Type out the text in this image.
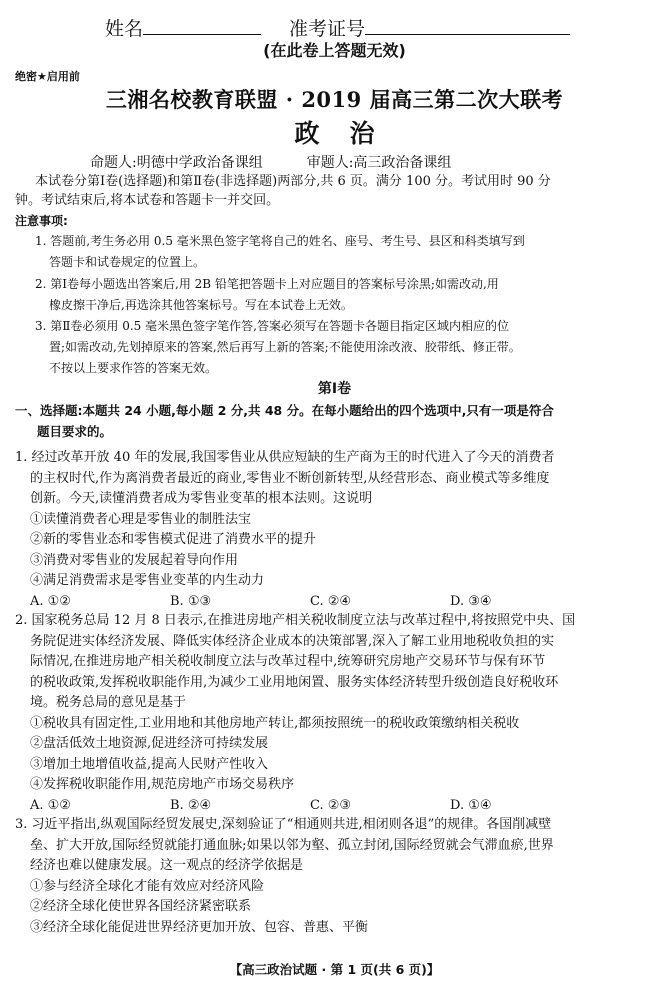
姓名	准考证号
(在此卷上答题无效)
绝密★启用前
三湘名校教育联盟 · 2019 届高三第二次大联考
政治
命题人:明德中学政治备课组	审题人:高三政治备课组
本试卷分第Ⅰ卷(选择题)和第Ⅱ卷(非选择题)两部分,共 6 页。满分 100 分。考试用时 90 分
钟。考试结束后,将本试卷和答题卡一并交回。
注意事项:
1. 答题前,考生务必用 0.5 毫米黑色签字笔将自己的姓名、座号、考生号、县区和科类填写到
答题卡和试卷规定的位置上。
2. 第Ⅰ卷每小题选出答案后,用 2B 铅笔把答题卡上对应题目的答案标号涂黑;如需改动,用
橡皮擦干净后,再选涂其他答案标号。写在本试卷上无效。
3. 第Ⅱ卷必须用 0.5 毫米黑色签字笔作答,答案必须写在答题卡各题目指定区域内相应的位
置;如需改动,先划掉原来的答案,然后再写上新的答案;不能使用涂改液、胶带纸、修正带。
不按以上要求作答的答案无效。
第Ⅰ卷
一、选择题:本题共 24 小题,每小题 2 分,共 48 分。在每小题给出的四个选项中,只有一项是符合
题目要求的。
1. 经过改革开放 40 年的发展,我国零售业从供应短缺的生产商为王的时代进入了今天的消费者
的主权时代,作为离消费者最近的商业,零售业不断创新转型,从经营形态、商业模式等多维度
创新。今天,读懂消费者成为零售业变革的根本法则。这说明
①读懂消费者心理是零售业的制胜法宝
②新的零售业态和零售模式促进了消费水平的提升
③消费对零售业的发展起着导向作用
④满足消费需求是零售业变革的内生动力
A. ①②	B. ①③	C. ②④	D. ③④
2. 国家税务总局 12 月 8 日表示,在推进房地产相关税收制度立法与改革过程中,将按照党中央、国
务院促进实体经济发展、降低实体经济企业成本的决策部署,深入了解工业用地税收负担的实
际情况,在推进房地产相关税收制度立法与改革过程中,统筹研究房地产交易环节与保有环节
的税收政策,发挥税收职能作用,为减少工业用地闲置、服务实体经济转型升级创造良好税收环
境。税务总局的意见是基于
①税收具有固定性,工业用地和其他房地产转让,都须按照统一的税收政策缴纳相关税收
②盘活低效土地资源,促进经济可持续发展
③增加土地增值收益,提高人民财产性收入
④发挥税收职能作用,规范房地产市场交易秩序
A. ①②	B. ②④	C. ②③	D. ①④
3. 习近平指出,纵观国际经贸发展史,深刻验证了“相通则共进,相闭则各退”的规律。各国削减壁
垒、扩大开放,国际经贸就能打通血脉;如果以邻为壑、孤立封闭,国际经贸就会气滞血瘀,世界
经济也难以健康发展。这一观点的经济学依据是
①参与经济全球化才能有效应对经济风险
②经济全球化使世界各国经济紧密联系
③经济全球化能促进世界经济更加开放、包容、普惠、平衡
【高三政治试题 · 第 1 页(共 6 页)】
